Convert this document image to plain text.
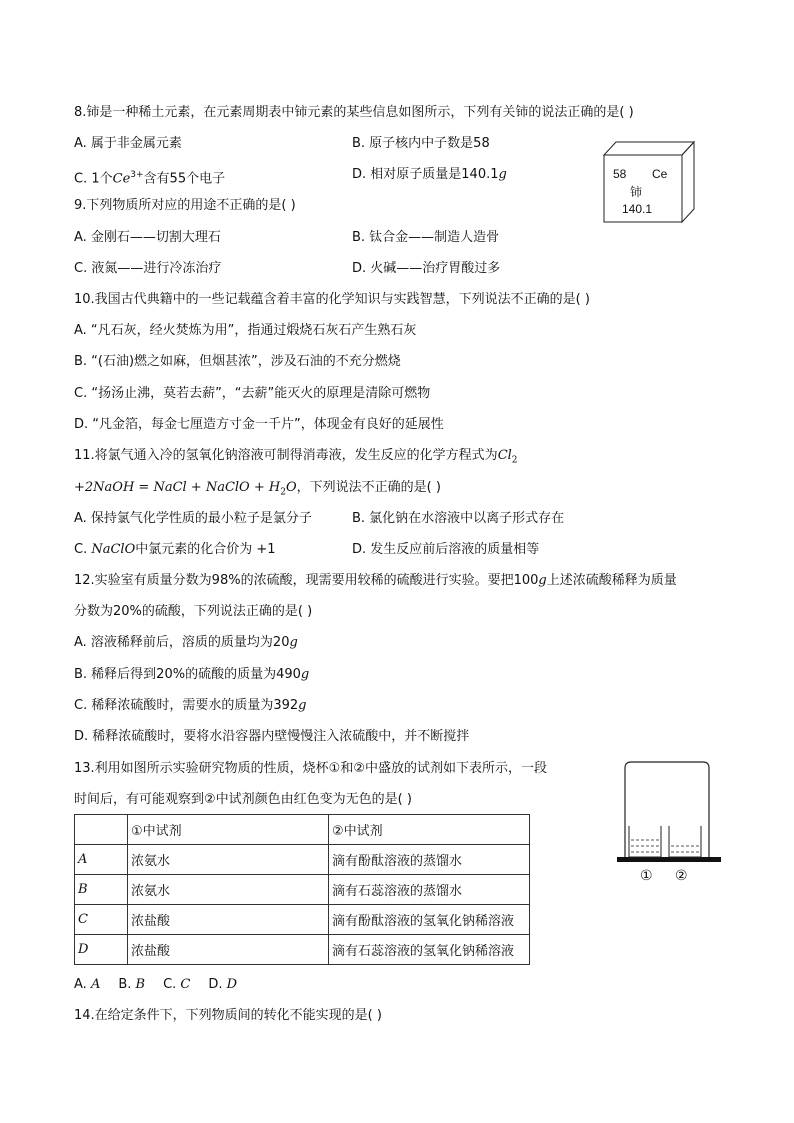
8.铈是一种稀土元素，在元素周期表中铈元素的某些信息如图所示，下列有关铈的说法正确的是( )
A. 属于非金属元素	B. 原子核内中子数是58
C. 1个$Ce^{3+}$含有55个电子	D. 相对原子质量是140.1g	58 Ce
铈
140.1
9.下列物质所对应的用途不正确的是( )
A. 金刚石——切割大理石	B. 钛合金——制造人造骨
C. 液氮——进行冷冻治疗	D. 火碱——治疗胃酸过多
10.我国古代典籍中的一些记载蕴含着丰富的化学知识与实践智慧，下列说法不正确的是( )
A. “凡石灰，经火焚炼为用”，指通过煅烧石灰石产生熟石灰
B. “(石油)燃之如麻，但烟甚浓”，涉及石油的不充分燃烧
C. “扬汤止沸，莫若去薪”，“去薪”能灭火的原理是清除可燃物
D. “凡金箔，每金七厘造方寸金一千片”，体现金有良好的延展性
11.将氯气通入冷的氢氧化钠溶液可制得消毒液，发生反应的化学方程式为$Cl_2$
+2NaOH = NaCl + NaClO + $H_2O$，下列说法不正确的是( )
A. 保持氯气化学性质的最小粒子是氯分子	B. 氯化钠在水溶液中以离子形式存在
C. NaClO中氯元素的化合价为 +1	D. 发生反应前后溶液的质量相等
12.实验室有质量分数为98%的浓硫酸，现需要用较稀的硫酸进行实验。要把100g上述浓硫酸稀释为质量
分数为20%的硫酸，下列说法正确的是( )
A. 溶液稀释前后，溶质的质量均为20g
B. 稀释后得到20%的硫酸的质量为490g
C. 稀释浓硫酸时，需要水的质量为392g
D. 稀释浓硫酸时，要将水沿容器内壁慢慢注入浓硫酸中，并不断搅拌
13.利用如图所示实验研究物质的性质，烧杯①和②中盛放的试剂如下表所示，一段
时间后，有可能观察到②中试剂颜色由红色变为无色的是( )
	①中试剂	②中试剂
A	浓氨水	滴有酚酞溶液的蒸馏水
B	浓氨水	滴有石蕊溶液的蒸馏水
C	浓盐酸	滴有酚酞溶液的氢氧化钠稀溶液
D	浓盐酸	滴有石蕊溶液的氢氧化钠稀溶液
A. A B. B C. C D. D
① ②
14.在给定条件下，下列物质间的转化不能实现的是( )
